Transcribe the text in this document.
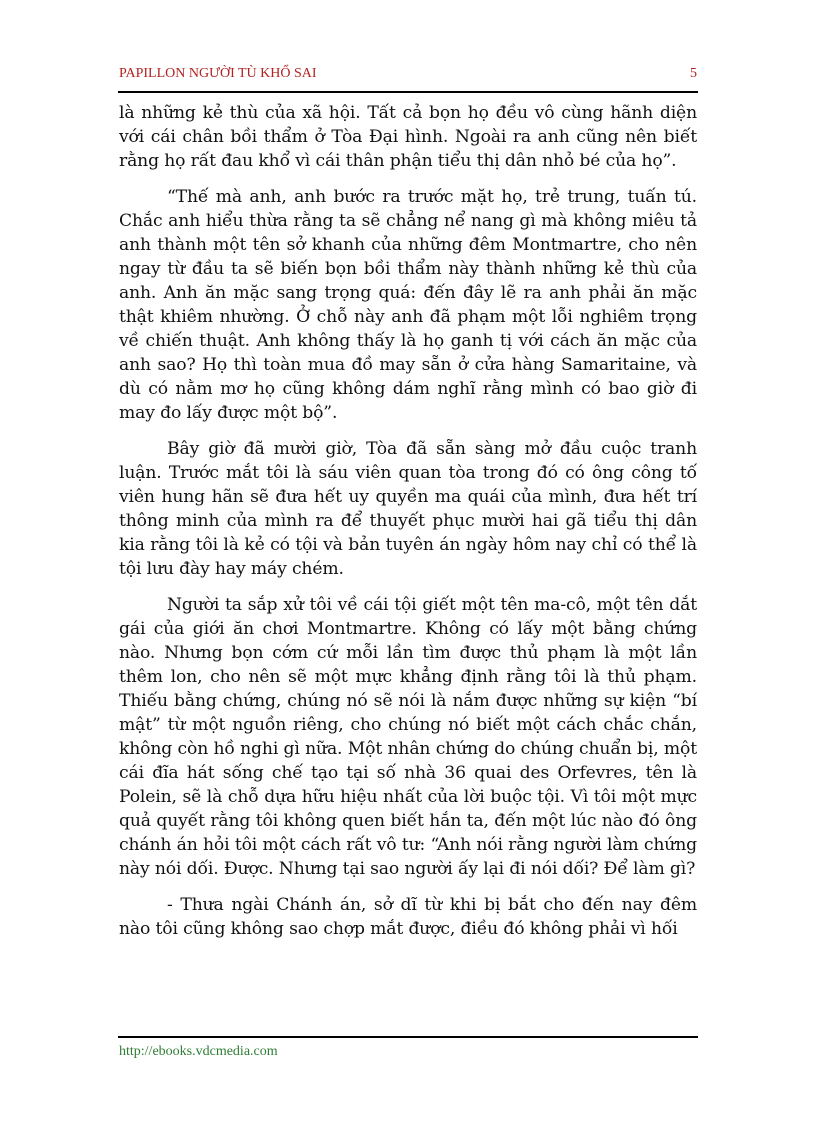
PAPILLON NGƯỜI TÙ KHỔ SAI	5

là những kẻ thù của xã hội. Tất cả bọn họ đều vô cùng hãnh diện với cái chân bồi thẩm ở Tòa Đại hình. Ngoài ra anh cũng nên biết rằng họ rất đau khổ vì cái thân phận tiểu thị dân nhỏ bé của họ”.

“Thế mà anh, anh bước ra trước mặt họ, trẻ trung, tuấn tú. Chắc anh hiểu thừa rằng ta sẽ chẳng nể nang gì mà không miêu tả anh thành một tên sở khanh của những đêm Montmartre, cho nên ngay từ đầu ta sẽ biến bọn bồi thẩm này thành những kẻ thù của anh. Anh ăn mặc sang trọng quá: đến đây lẽ ra anh phải ăn mặc thật khiêm nhường. Ở chỗ này anh đã phạm một lỗi nghiêm trọng về chiến thuật. Anh không thấy là họ ganh tị với cách ăn mặc của anh sao? Họ thì toàn mua đồ may sẵn ở cửa hàng Samaritaine, và dù có nằm mơ họ cũng không dám nghĩ rằng mình có bao giờ đi may đo lấy được một bộ”.

Bây giờ đã mười giờ, Tòa đã sẵn sàng mở đầu cuộc tranh luận. Trước mắt tôi là sáu viên quan tòa trong đó có ông công tố viên hung hãn sẽ đưa hết uy quyền ma quái của mình, đưa hết trí thông minh của mình ra để thuyết phục mười hai gã tiểu thị dân kia rằng tôi là kẻ có tội và bản tuyên án ngày hôm nay chỉ có thể là tội lưu đày hay máy chém.

Người ta sắp xử tôi về cái tội giết một tên ma-cô, một tên dắt gái của giới ăn chơi Montmartre. Không có lấy một bằng chứng nào. Nhưng bọn cớm cứ mỗi lần tìm được thủ phạm là một lần thêm lon, cho nên sẽ một mực khẳng định rằng tôi là thủ phạm. Thiếu bằng chứng, chúng nó sẽ nói là nắm được những sự kiện “bí mật” từ một nguồn riêng, cho chúng nó biết một cách chắc chắn, không còn hồ nghi gì nữa. Một nhân chứng do chúng chuẩn bị, một cái đĩa hát sống chế tạo tại số nhà 36 quai des Orfevres, tên là Polein, sẽ là chỗ dựa hữu hiệu nhất của lời buộc tội. Vì tôi một mực quả quyết rằng tôi không quen biết hắn ta, đến một lúc nào đó ông chánh án hỏi tôi một cách rất vô tư: “Anh nói rằng người làm chứng này nói dối. Được. Nhưng tại sao người ấy lại đi nói dối? Để làm gì?

- Thưa ngài Chánh án, sở dĩ từ khi bị bắt cho đến nay đêm nào tôi cũng không sao chợp mắt được, điều đó không phải vì hối

http://ebooks.vdcmedia.com
